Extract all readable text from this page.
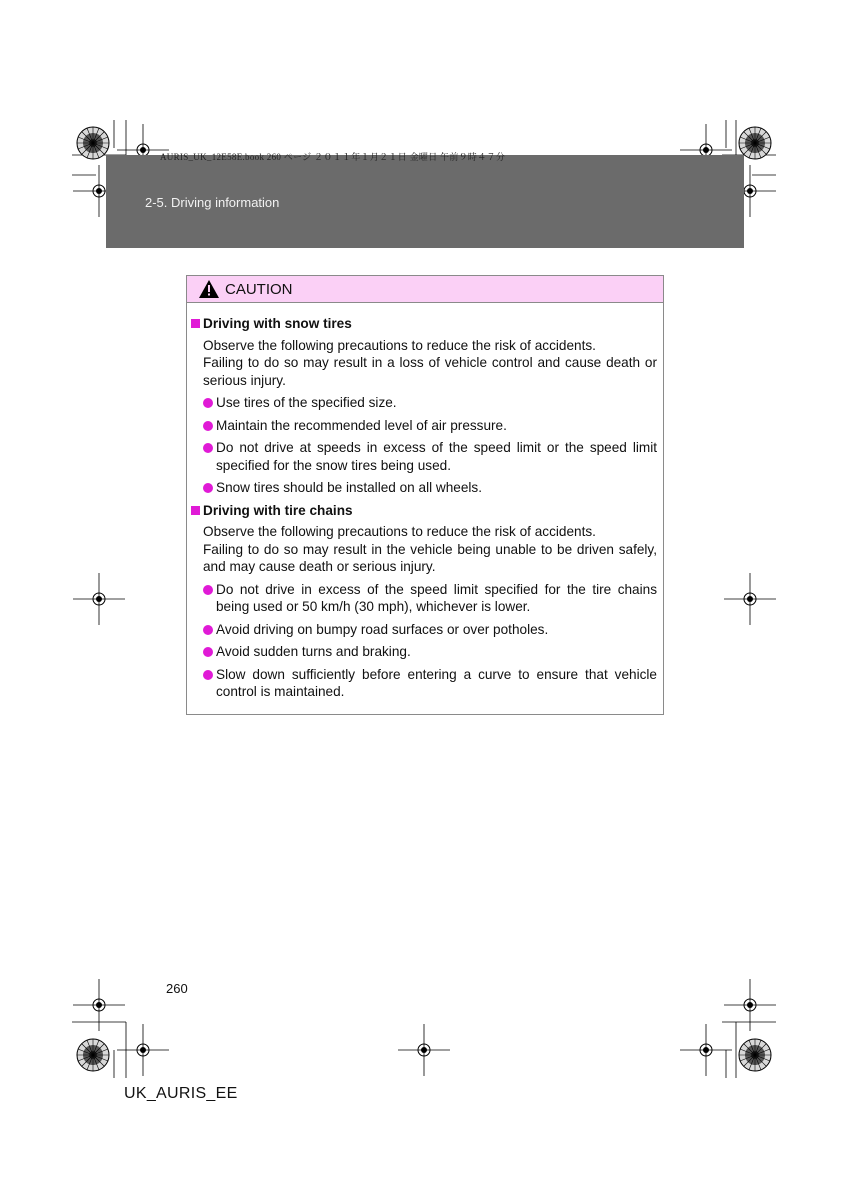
AURIS_UK_12E58E.book 260 ページ ２０１１年１月２１日 金曜日 午前９時４７分
2-5. Driving information
CAUTION
Driving with snow tires
Observe the following precautions to reduce the risk of accidents.
Failing to do so may result in a loss of vehicle control and cause death or serious injury.
Use tires of the specified size.
Maintain the recommended level of air pressure.
Do not drive at speeds in excess of the speed limit or the speed limit specified for the snow tires being used.
Snow tires should be installed on all wheels.
Driving with tire chains
Observe the following precautions to reduce the risk of accidents.
Failing to do so may result in the vehicle being unable to be driven safely, and may cause death or serious injury.
Do not drive in excess of the speed limit specified for the tire chains being used or 50 km/h (30 mph), whichever is lower.
Avoid driving on bumpy road surfaces or over potholes.
Avoid sudden turns and braking.
Slow down sufficiently before entering a curve to ensure that vehicle control is maintained.
260
UK_AURIS_EE
